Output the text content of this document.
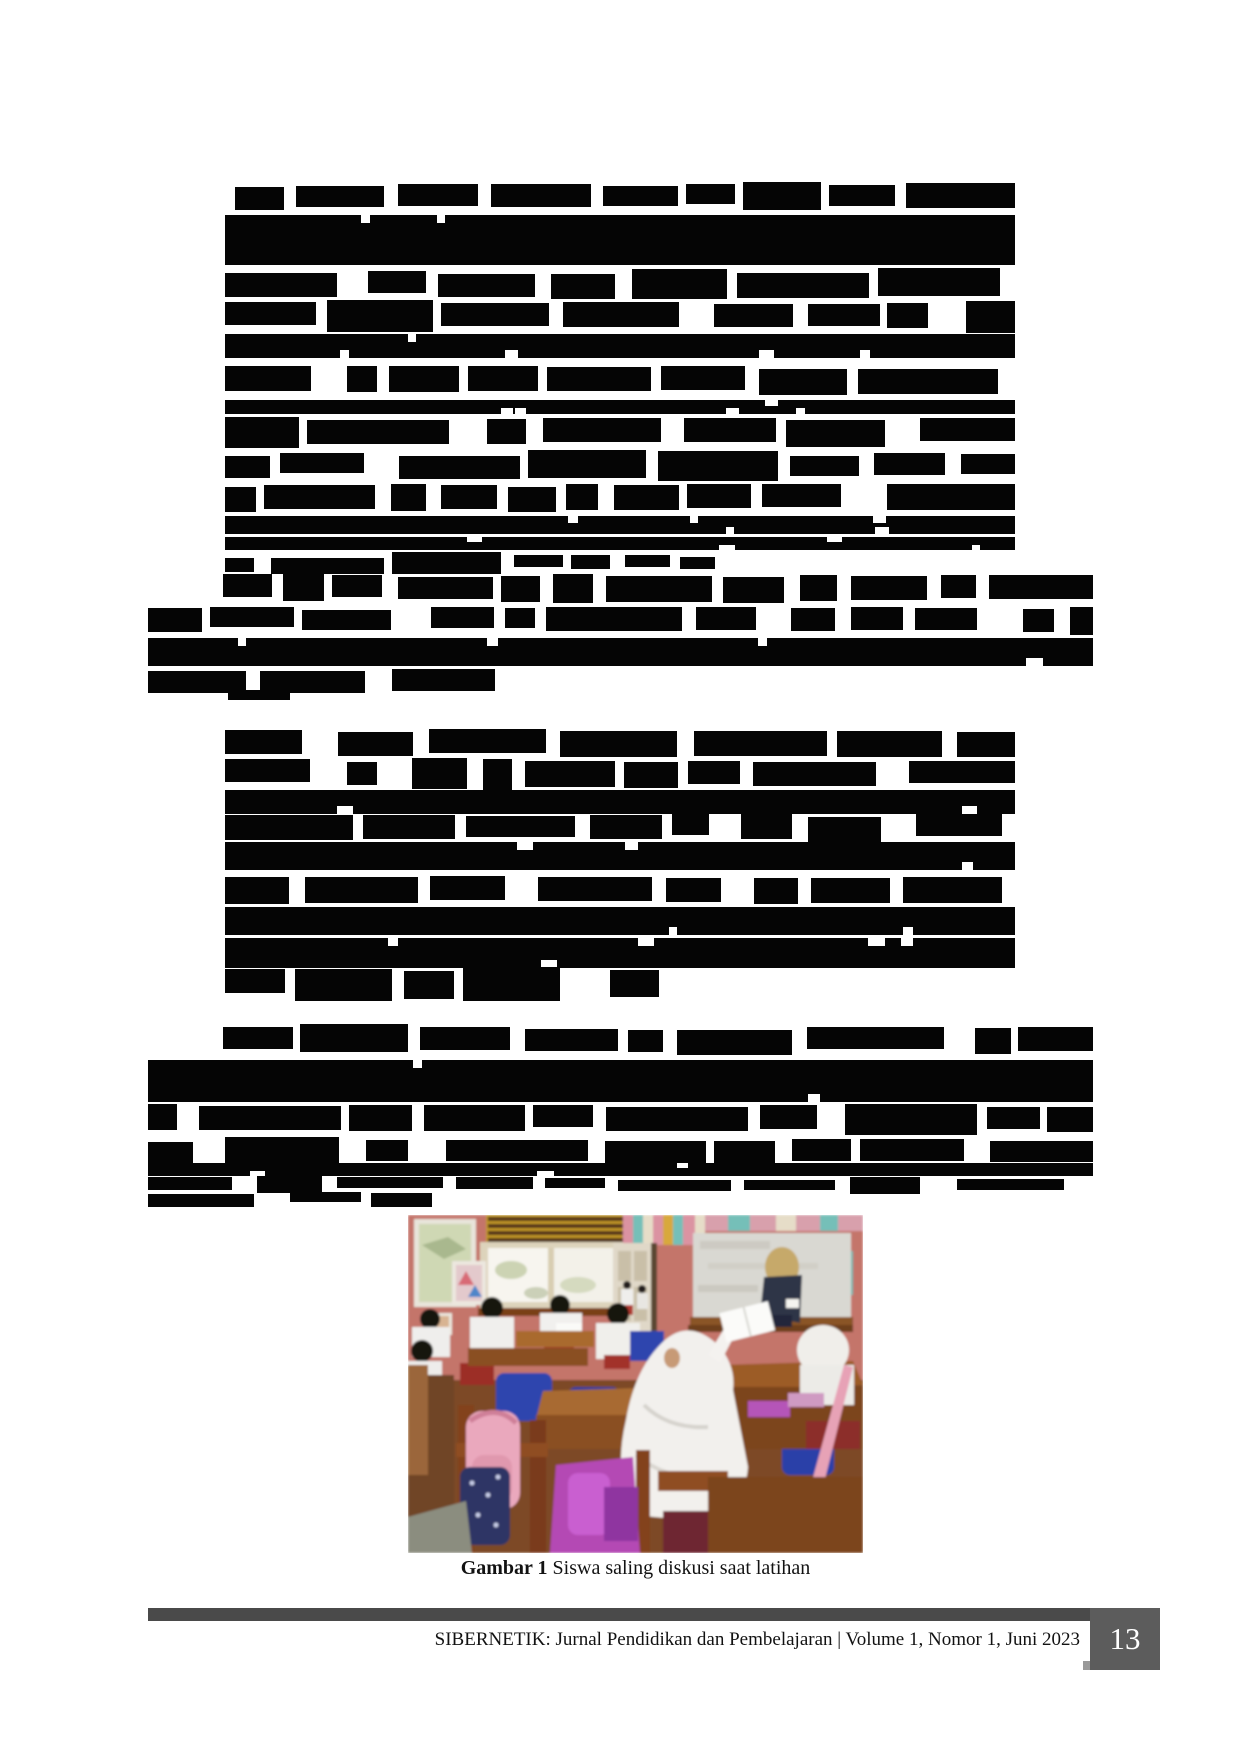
Gambar 1 Siswa saling diskusi saat latihan
13
SIBERNETIK: Jurnal Pendidikan dan Pembelajaran | Volume 1, Nomor 1, Juni 2023
